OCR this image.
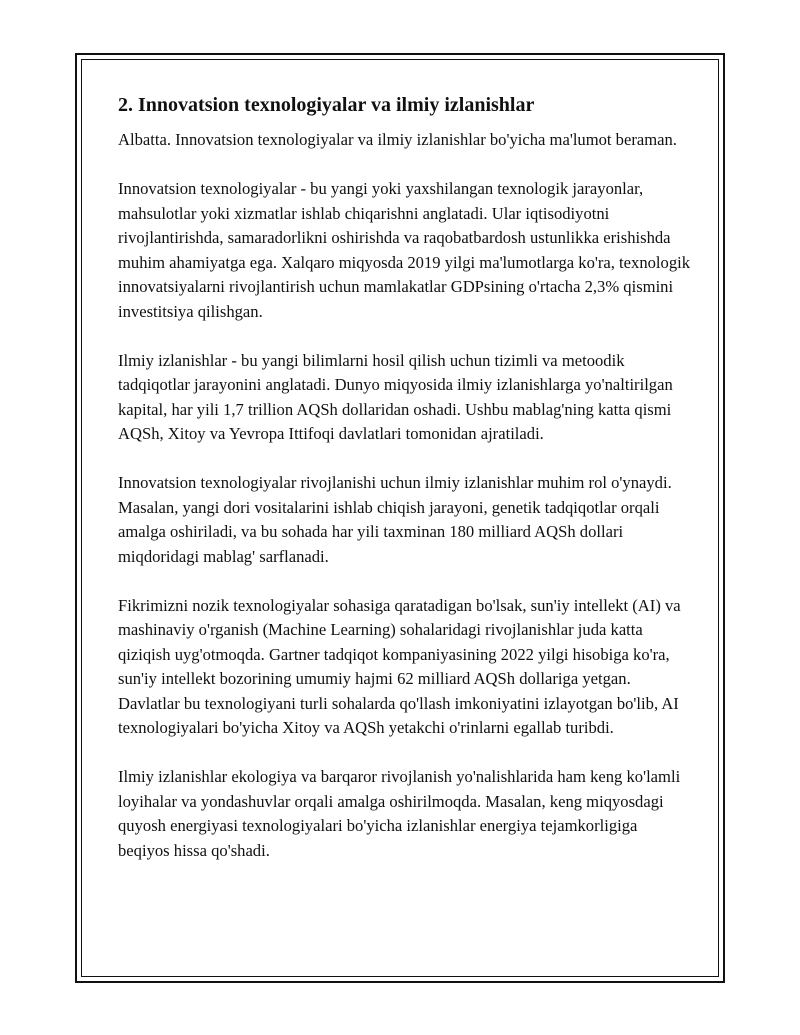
2. Innovatsion texnologiyalar va ilmiy izlanishlar

Albatta. Innovatsion texnologiyalar va ilmiy izlanishlar bo'yicha ma'lumot beraman.

Innovatsion texnologiyalar - bu yangi yoki yaxshilangan texnologik jarayonlar, mahsulotlar yoki xizmatlar ishlab chiqarishni anglatadi. Ular iqtisodiyotni rivojlantirishda, samaradorlikni oshirishda va raqobatbardosh ustunlikka erishishda muhim ahamiyatga ega. Xalqaro miqyosda 2019 yilgi ma'lumotlarga ko'ra, texnologik innovatsiyalarni rivojlantirish uchun mamlakatlar GDPsining o'rtacha 2,3% qismini investitsiya qilishgan.

Ilmiy izlanishlar - bu yangi bilimlarni hosil qilish uchun tizimli va metoodik tadqiqotlar jarayonini anglatadi. Dunyo miqyosida ilmiy izlanishlarga yo'naltirilgan kapital, har yili 1,7 trillion AQSh dollaridan oshadi. Ushbu mablag'ning katta qismi AQSh, Xitoy va Yevropa Ittifoqi davlatlari tomonidan ajratiladi.

Innovatsion texnologiyalar rivojlanishi uchun ilmiy izlanishlar muhim rol o'ynaydi. Masalan, yangi dori vositalarini ishlab chiqish jarayoni, genetik tadqiqotlar orqali amalga oshiriladi, va bu sohada har yili taxminan 180 milliard AQSh dollari miqdoridagi mablag' sarflanadi.

Fikrimizni nozik texnologiyalar sohasiga qaratadigan bo'lsak, sun'iy intellekt (AI) va mashinaviy o'rganish (Machine Learning) sohalaridagi rivojlanishlar juda katta qiziqish uyg'otmoqda. Gartner tadqiqot kompaniyasining 2022 yilgi hisobiga ko'ra, sun'iy intellekt bozorining umumiy hajmi 62 milliard AQSh dollariga yetgan. Davlatlar bu texnologiyani turli sohalarda qo'llash imkoniyatini izlayotgan bo'lib, AI texnologiyalari bo'yicha Xitoy va AQSh yetakchi o'rinlarni egallab turibdi.

Ilmiy izlanishlar ekologiya va barqaror rivojlanish yo'nalishlarida ham keng ko'lamli loyihalar va yondashuvlar orqali amalga oshirilmoqda. Masalan, keng miqyosdagi quyosh energiyasi texnologiyalari bo'yicha izlanishlar energiya tejamkorligiga beqiyos hissa qo'shadi.
